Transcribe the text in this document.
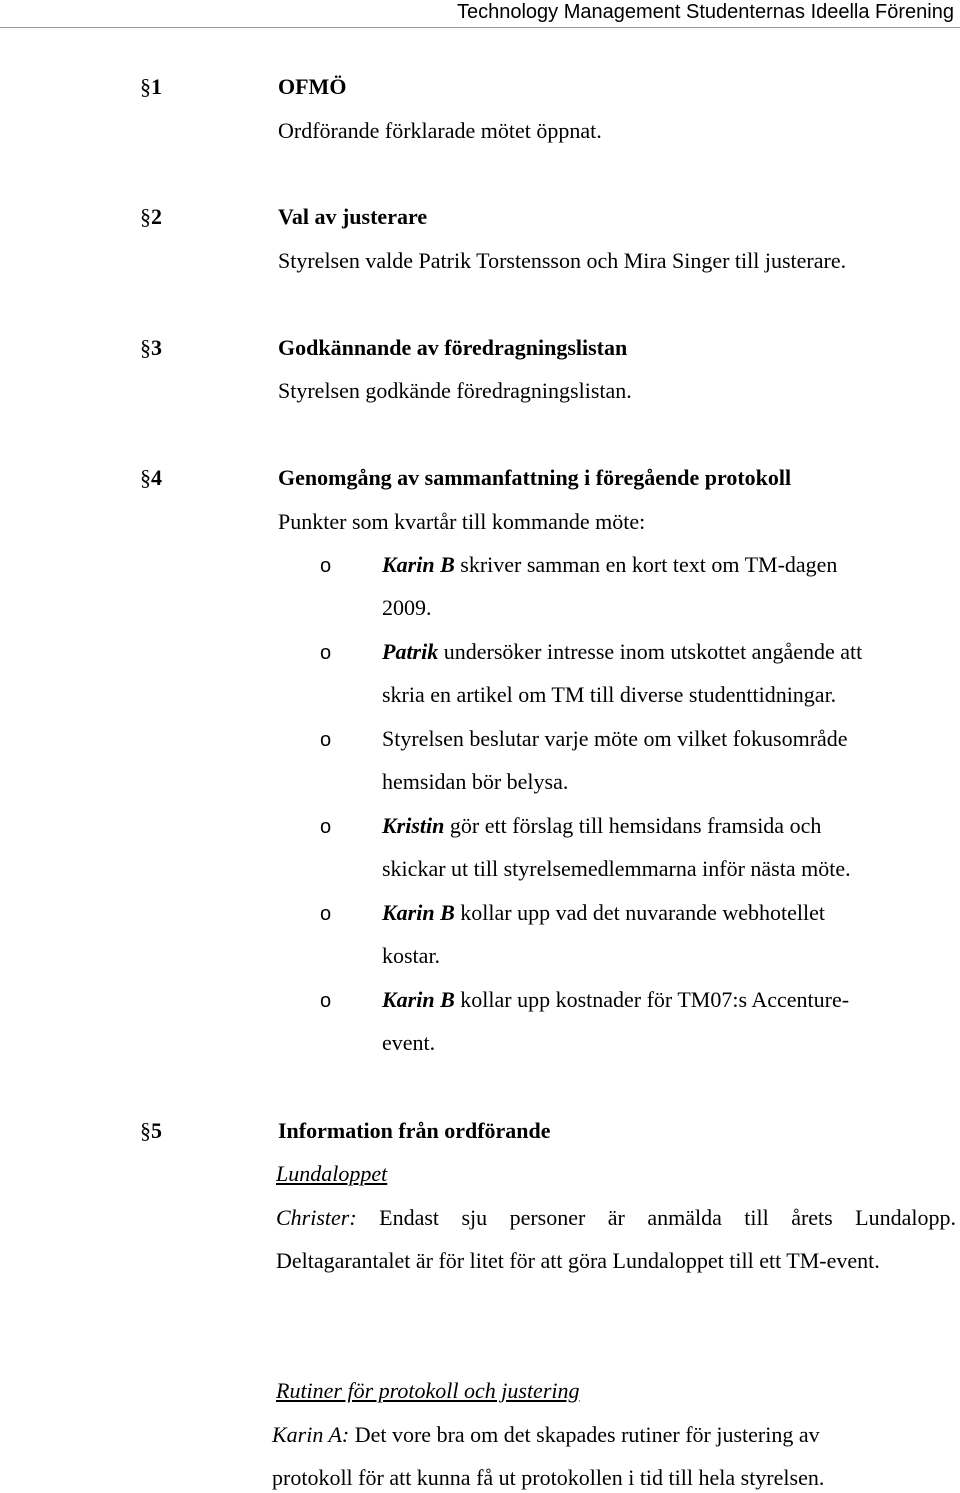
Technology Management Studenternas Ideella Förening
§1	OFMÖ
Ordförande förklarade mötet öppnat.
§2	Val av justerare
Styrelsen valde Patrik Torstensson och Mira Singer till justerare.
§3	Godkännande av föredragningslistan
Styrelsen godkände föredragningslistan.
§4	Genomgång av sammanfattning i föregående protokoll
Punkter som kvartår till kommande möte:
o Karin B skriver samman en kort text om TM-dagen
2009.
o Patrik undersöker intresse inom utskottet angående att
skria en artikel om TM till diverse studenttidningar.
o Styrelsen beslutar varje möte om vilket fokusområde
hemsidan bör belysa.
o Kristin gör ett förslag till hemsidans framsida och
skickar ut till styrelsemedlemmarna inför nästa möte.
o Karin B kollar upp vad det nuvarande webhotellet
kostar.
o Karin B kollar upp kostnader för TM07:s Accenture-
event.
§5	Information från ordförande
Lundaloppet
Christer: Endast sju personer är anmälda till årets Lundalopp. Deltagarantalet är för litet för att göra Lundaloppet till ett TM-event.
Rutiner för protokoll och justering
Karin A: Det vore bra om det skapades rutiner för justering av
protokoll för att kunna få ut protokollen i tid till hela styrelsen.
